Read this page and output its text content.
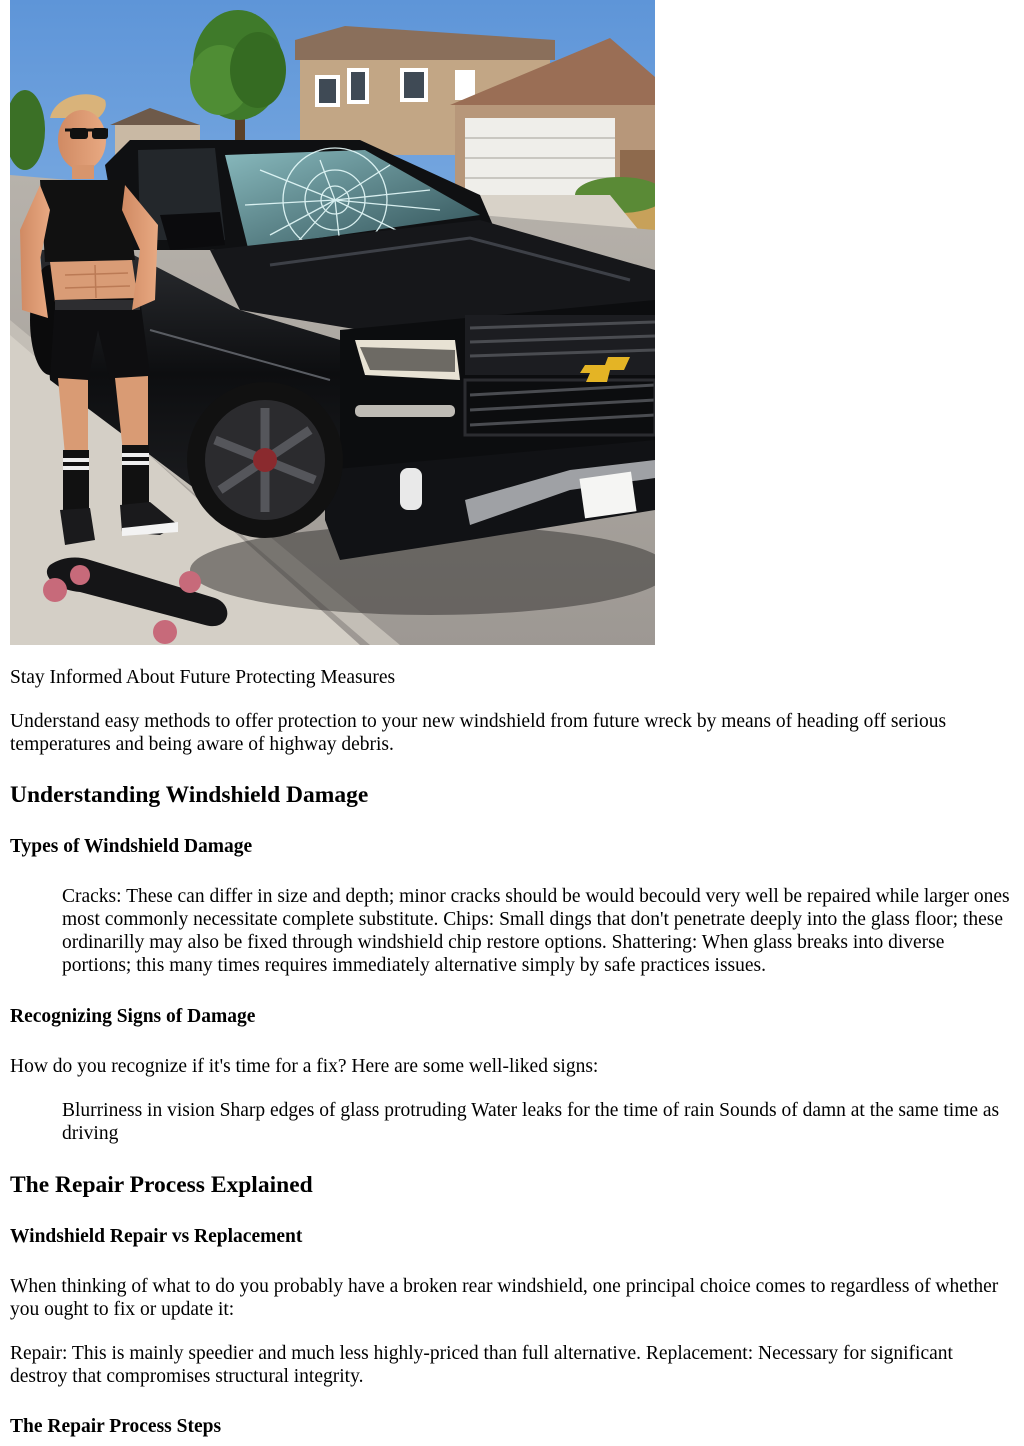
Stay Informed About Future Protecting Measures

Understand easy methods to offer protection to your new windshield from future wreck by means of heading off serious temperatures and being aware of highway debris.

Understanding Windshield Damage
Types of Windshield Damage
Cracks: These can differ in size and depth; minor cracks should be would becould very well be repaired while larger ones most commonly necessitate complete substitute. Chips: Small dings that don't penetrate deeply into the glass floor; these ordinarilly may also be fixed through windshield chip restore options. Shattering: When glass breaks into diverse portions; this many times requires immediately alternative simply by safe practices issues.
Recognizing Signs of Damage

How do you recognize if it's time for a fix? Here are some well-liked signs:

Blurriness in vision Sharp edges of glass protruding Water leaks for the time of rain Sounds of damn at the same time as driving
The Repair Process Explained
Windshield Repair vs Replacement

When thinking of what to do you probably have a broken rear windshield, one principal choice comes to regardless of whether you ought to fix or update it:

Repair: This is mainly speedier and much less highly-priced than full alternative. Replacement: Necessary for significant destroy that compromises structural integrity.

The Repair Process Steps
